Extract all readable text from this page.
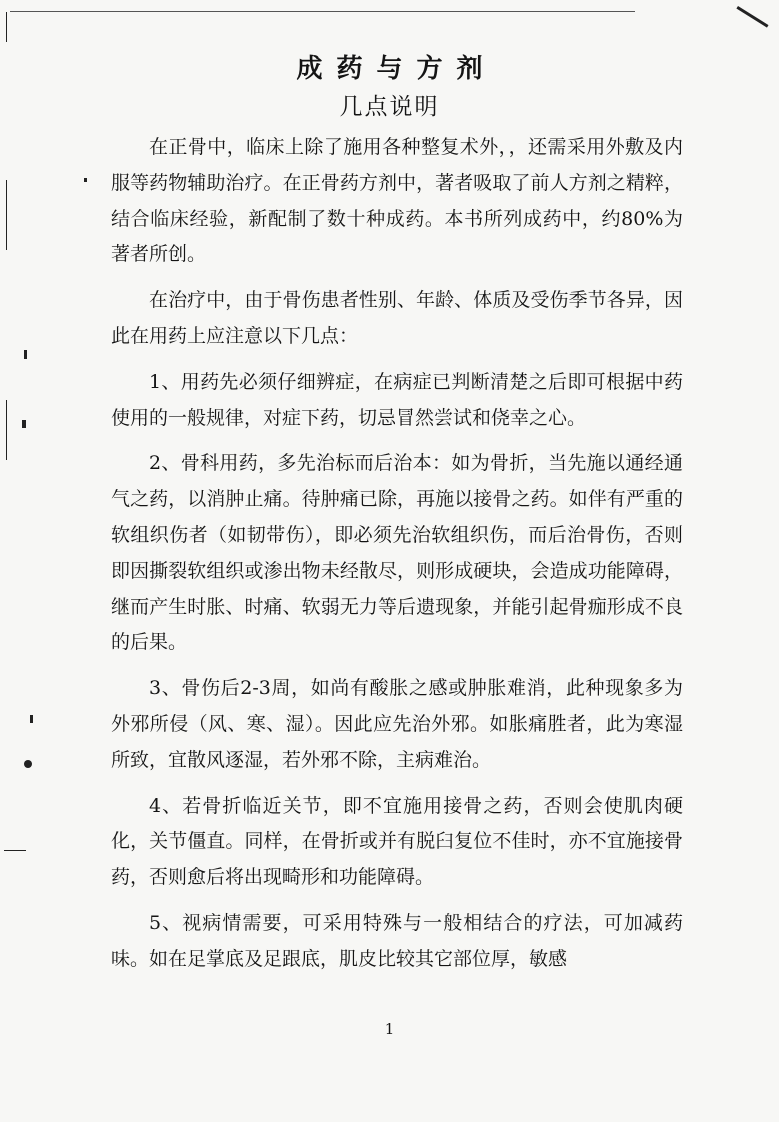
成药与方剂
几点说明

在正骨中，临床上除了施用各种整复术外，，还需采用外敷及内服等药物辅助治疗。在正骨药方剂中，著者吸取了前人方剂之精粹，结合临床经验，新配制了数十种成药。本书所列成药中，约80%为著者所创。

在治疗中，由于骨伤患者性别、年龄、体质及受伤季节各异，因此在用药上应注意以下几点：

1、用药先必须仔细辨症，在病症已判断清楚之后即可根据中药使用的一般规律，对症下药，切忌冒然尝试和侥幸之心。

2、骨科用药，多先治标而后治本：如为骨折，当先施以通经通气之药，以消肿止痛。待肿痛已除，再施以接骨之药。如伴有严重的软组织伤者（如韧带伤），即必须先治软组织伤，而后治骨伤，否则即因撕裂软组织或渗出物未经散尽，则形成硬块，会造成功能障碍，继而产生时胀、时痛、软弱无力等后遗现象，并能引起骨痂形成不良的后果。

3、骨伤后2-3周，如尚有酸胀之感或肿胀难消，此种现象多为外邪所侵（风、寒、湿）。因此应先治外邪。如胀痛胜者，此为寒湿所致，宜散风逐湿，若外邪不除，主病难治。

4、若骨折临近关节，即不宜施用接骨之药，否则会使肌肉硬化，关节僵直。同样，在骨折或并有脱臼复位不佳时，亦不宜施接骨药，否则愈后将出现畸形和功能障碍。

5、视病情需要，可采用特殊与一般相结合的疗法，可加减药味。如在足掌底及足跟底，肌皮比较其它部位厚，敏感

1
